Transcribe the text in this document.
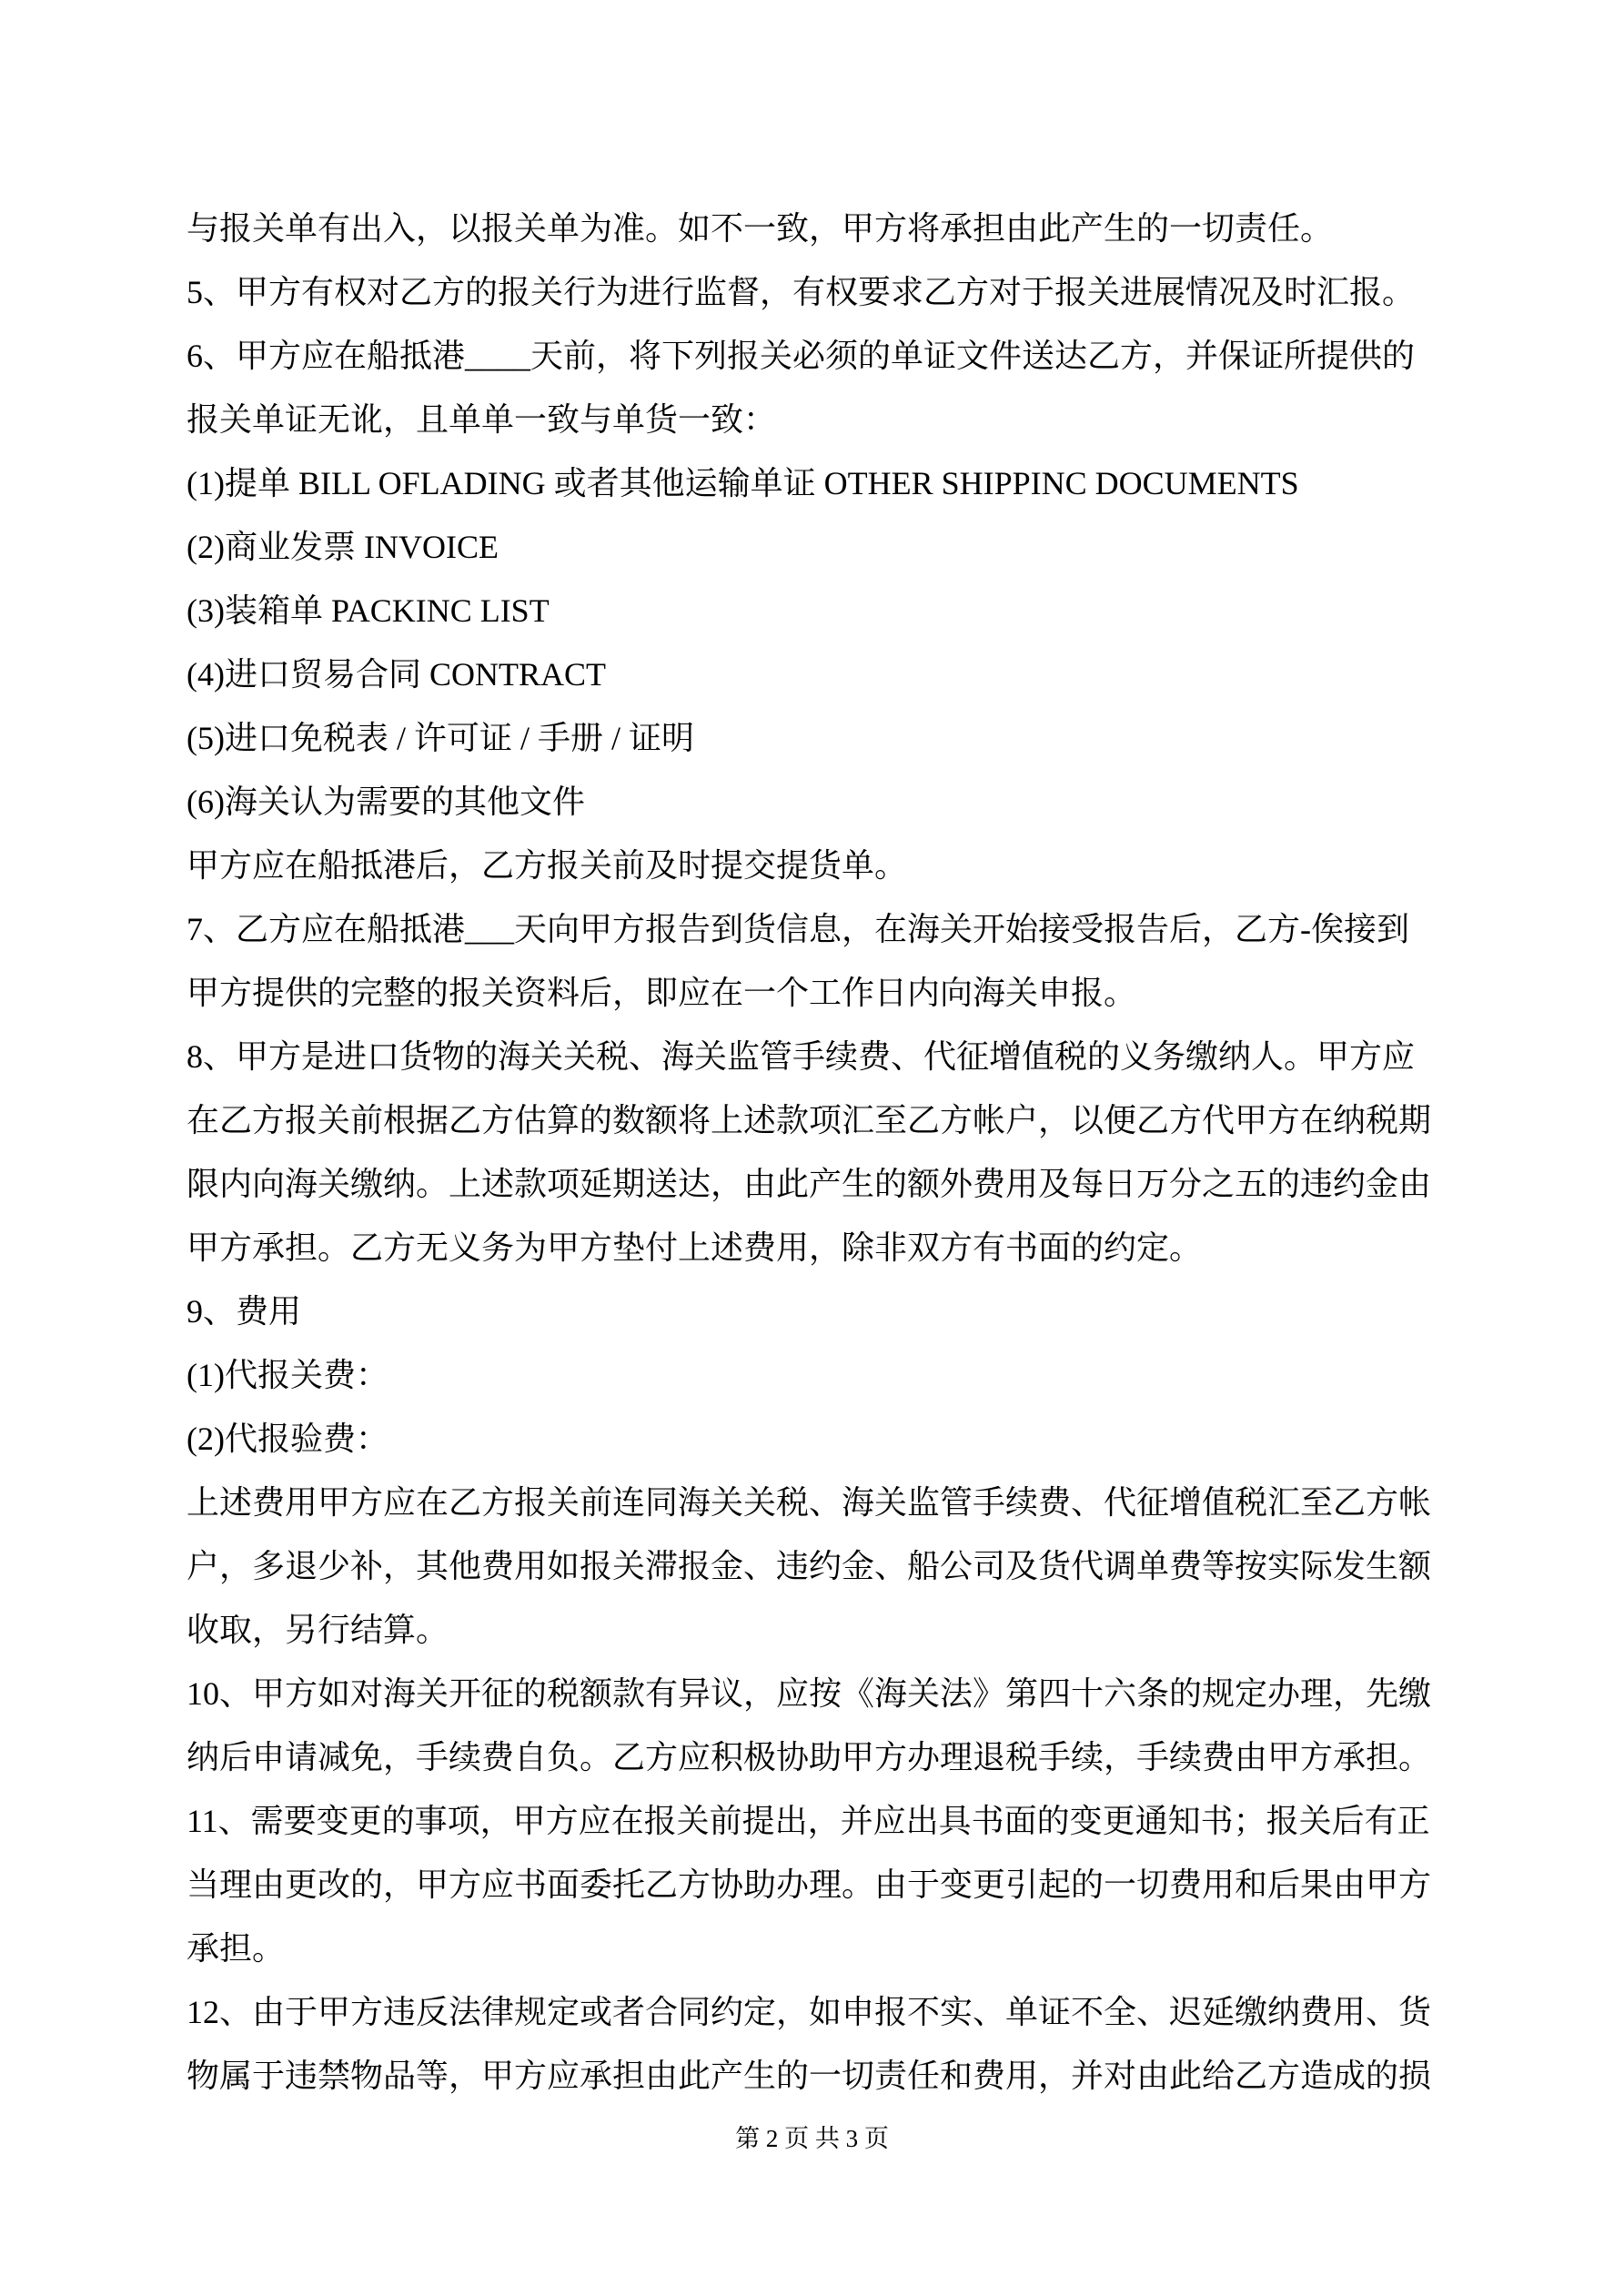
与报关单有出入，以报关单为准。如不一致，甲方将承担由此产生的一切责任。
5、甲方有权对乙方的报关行为进行监督，有权要求乙方对于报关进展情况及时汇报。
6、甲方应在船抵港____天前，将下列报关必须的单证文件送达乙方，并保证所提供的
报关单证无讹，且单单一致与单货一致：
(1)提单 BILL OFLADING 或者其他运输单证 OTHER SHIPPINC DOCUMENTS
(2)商业发票 INVOICE
(3)装箱单 PACKINC LIST
(4)进口贸易合同 CONTRACT
(5)进口免税表 / 许可证 / 手册 / 证明
(6)海关认为需要的其他文件
甲方应在船抵港后，乙方报关前及时提交提货单。
7、乙方应在船抵港___天向甲方报告到货信息，在海关开始接受报告后，乙方-俟接到
甲方提供的完整的报关资料后，即应在一个工作日内向海关申报。
8、甲方是进口货物的海关关税、海关监管手续费、代征增值税的义务缴纳人。甲方应
在乙方报关前根据乙方估算的数额将上述款项汇至乙方帐户，以便乙方代甲方在纳税期
限内向海关缴纳。上述款项延期送达，由此产生的额外费用及每日万分之五的违约金由
甲方承担。乙方无义务为甲方垫付上述费用，除非双方有书面的约定。
9、费用
(1)代报关费：
(2)代报验费：
上述费用甲方应在乙方报关前连同海关关税、海关监管手续费、代征增值税汇至乙方帐
户，多退少补，其他费用如报关滞报金、违约金、船公司及货代调单费等按实际发生额
收取，另行结算。
10、甲方如对海关开征的税额款有异议，应按《海关法》第四十六条的规定办理，先缴
纳后申请减免，手续费自负。乙方应积极协助甲方办理退税手续，手续费由甲方承担。
11、需要变更的事项，甲方应在报关前提出，并应出具书面的变更通知书；报关后有正
当理由更改的，甲方应书面委托乙方协助办理。由于变更引起的一切费用和后果由甲方
承担。
12、由于甲方违反法律规定或者合同约定，如申报不实、单证不全、迟延缴纳费用、货
物属于违禁物品等，甲方应承担由此产生的一切责任和费用，并对由此给乙方造成的损
第 2 页 共 3 页
